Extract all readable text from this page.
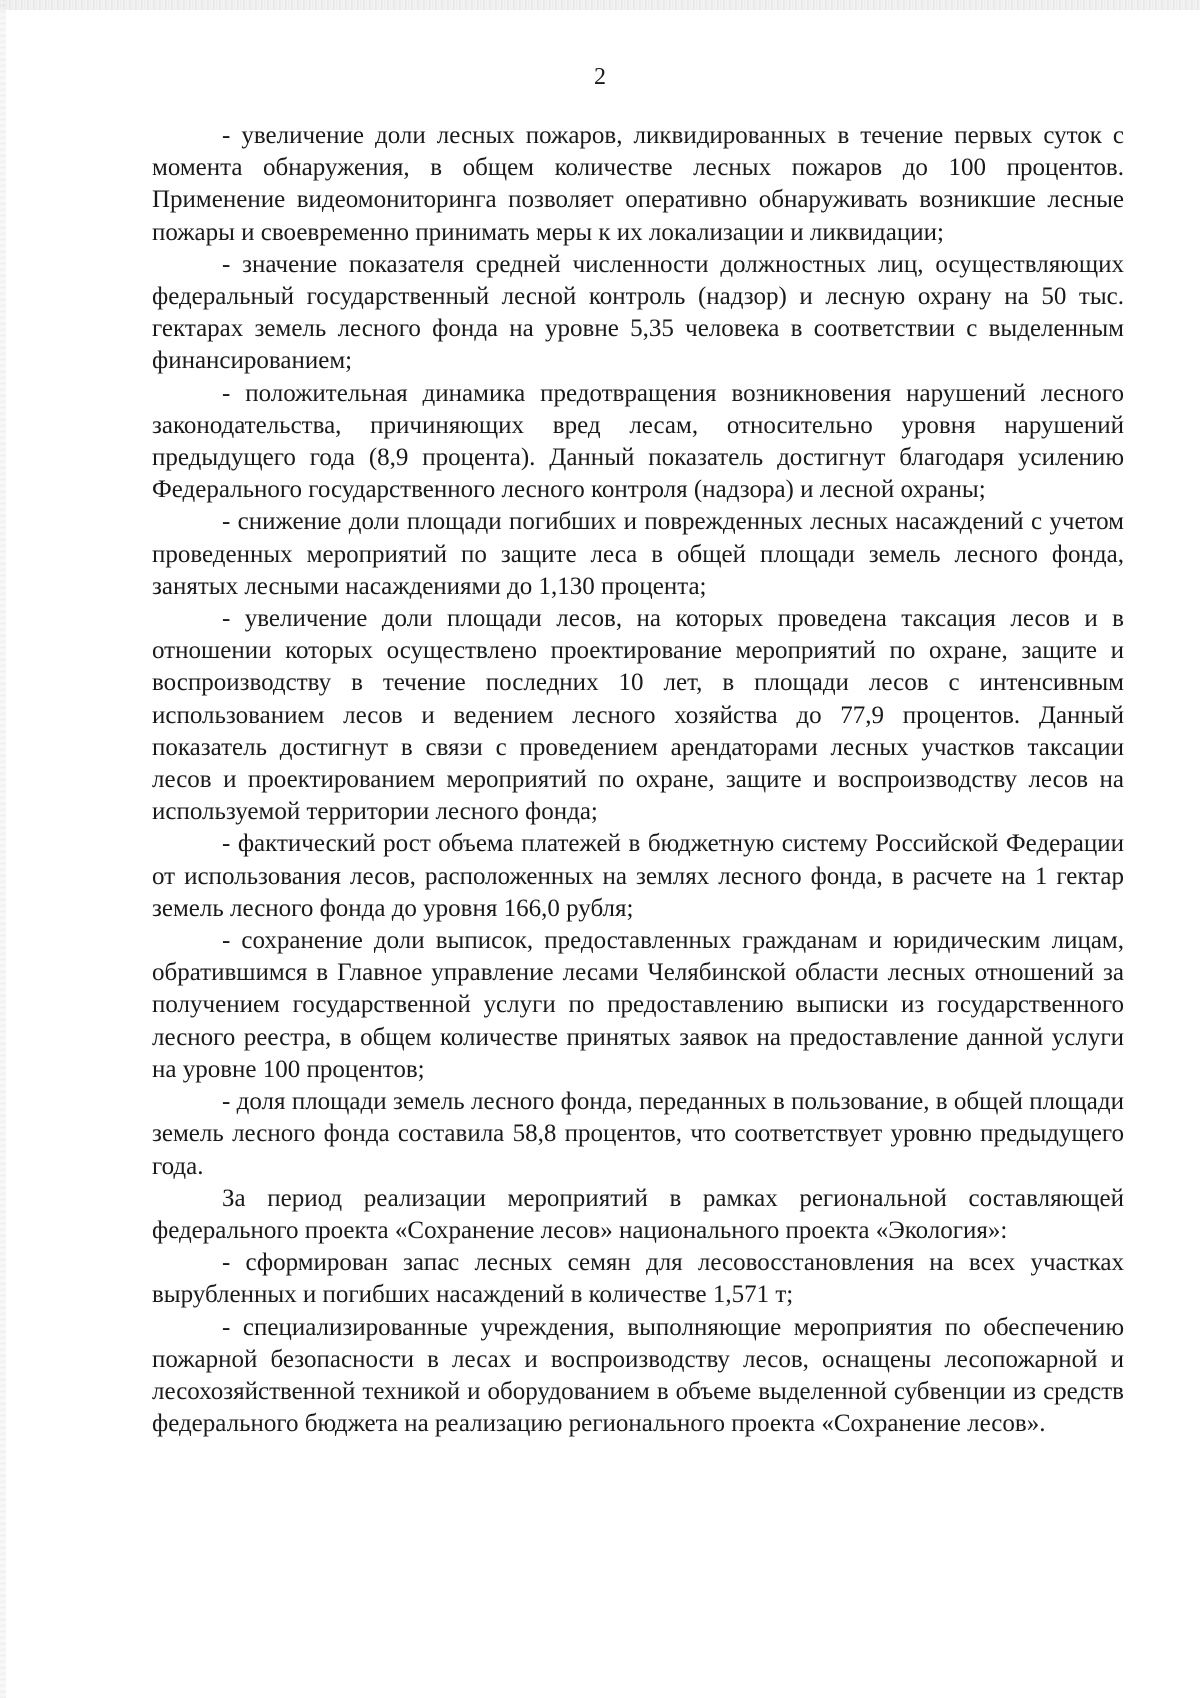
2

- увеличение доли лесных пожаров, ликвидированных в течение первых суток с момента обнаружения, в общем количестве лесных пожаров до 100 процентов. Применение видеомониторинга позволяет оперативно обнаруживать возникшие лесные пожары и своевременно принимать меры к их локализации и ликвидации;

- значение показателя средней численности должностных лиц, осуществляющих федеральный государственный лесной контроль (надзор) и лесную охрану на 50 тыс. гектарах земель лесного фонда на уровне 5,35 человека в соответствии с выделенным финансированием;

- положительная динамика предотвращения возникновения нарушений лесного законодательства, причиняющих вред лесам, относительно уровня нарушений предыдущего года (8,9 процента). Данный показатель достигнут благодаря усилению Федерального государственного лесного контроля (надзора) и лесной охраны;

- снижение доли площади погибших и поврежденных лесных насаждений с учетом проведенных мероприятий по защите леса в общей площади земель лесного фонда, занятых лесными насаждениями до 1,130 процента;

- увеличение доли площади лесов, на которых проведена таксация лесов и в отношении которых осуществлено проектирование мероприятий по охране, защите и воспроизводству в течение последних 10 лет, в площади лесов с интенсивным использованием лесов и ведением лесного хозяйства до 77,9 процентов. Данный показатель достигнут в связи с проведением арендаторами лесных участков таксации лесов и проектированием мероприятий по охране, защите и воспроизводству лесов на используемой территории лесного фонда;

- фактический рост объема платежей в бюджетную систему Российской Федерации от использования лесов, расположенных на землях лесного фонда, в расчете на 1 гектар земель лесного фонда до уровня 166,0 рубля;

- сохранение доли выписок, предоставленных гражданам и юридическим лицам, обратившимся в Главное управление лесами Челябинской области лесных отношений за получением государственной услуги по предоставлению выписки из государственного лесного реестра, в общем количестве принятых заявок на предоставление данной услуги на уровне 100 процентов;

- доля площади земель лесного фонда, переданных в пользование, в общей площади земель лесного фонда составила 58,8 процентов, что соответствует уровню предыдущего года.

За период реализации мероприятий в рамках региональной составляющей федерального проекта «Сохранение лесов» национального проекта «Экология»:

- сформирован запас лесных семян для лесовосстановления на всех участках вырубленных и погибших насаждений в количестве 1,571 т;

- специализированные учреждения, выполняющие мероприятия по обеспечению пожарной безопасности в лесах и воспроизводству лесов, оснащены лесопожарной и лесохозяйственной техникой и оборудованием в объеме выделенной субвенции из средств федерального бюджета на реализацию регионального проекта «Сохранение лесов».
